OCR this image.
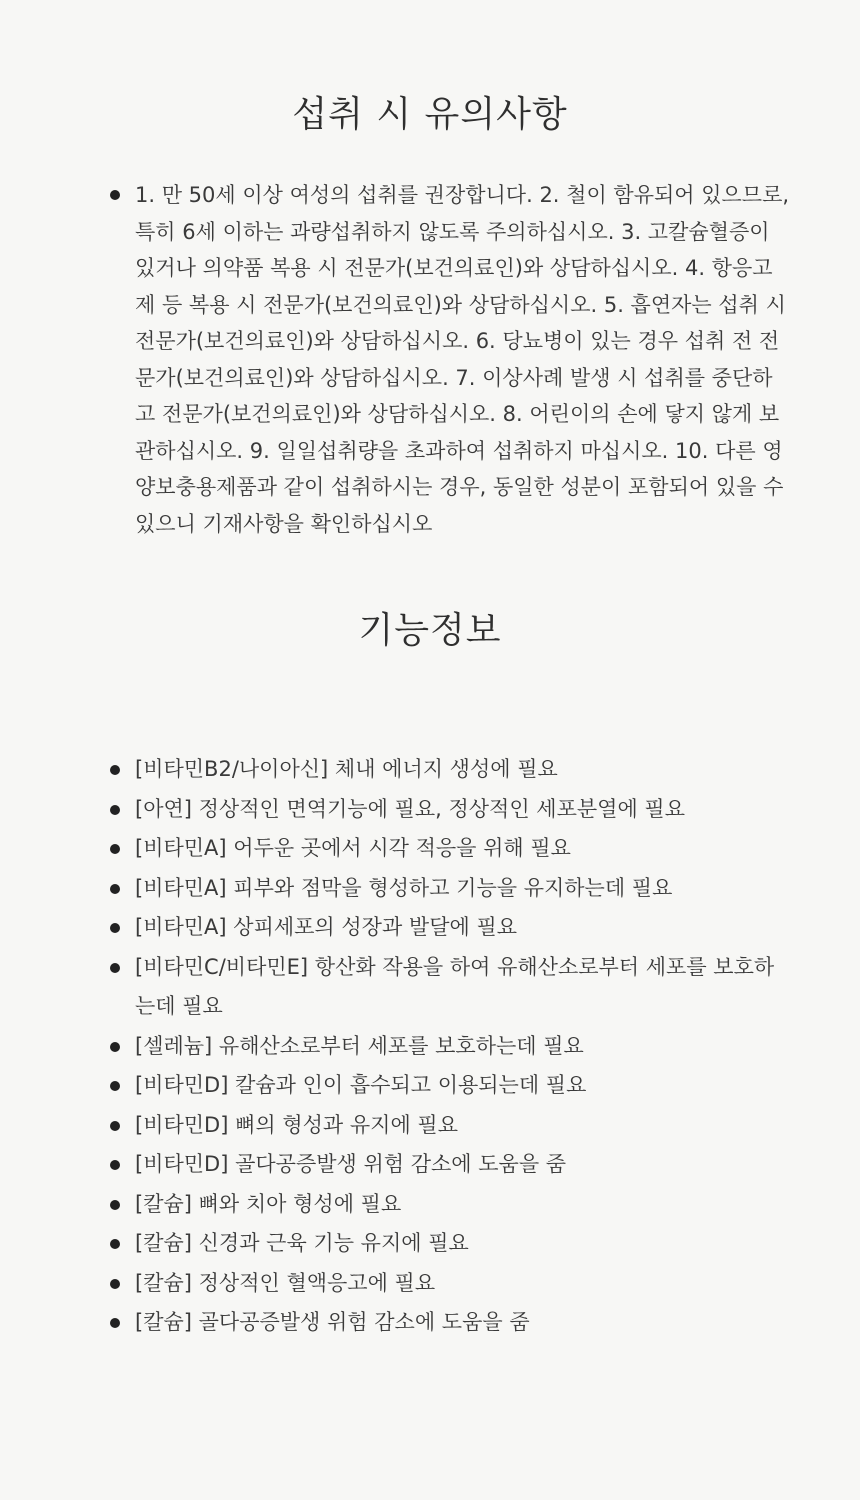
섭취 시 유의사항
1. 만 50세 이상 여성의 섭취를 권장합니다. 2. 철이 함유되어 있으므로, 특히 6세 이하는 과량섭취하지 않도록 주의하십시오. 3. 고칼슘혈증이 있거나 의약품 복용 시 전문가(보건의료인)와 상담하십시오. 4. 항응고제 등 복용 시 전문가(보건의료인)와 상담하십시오. 5. 흡연자는 섭취 시 전문가(보건의료인)와 상담하십시오. 6. 당뇨병이 있는 경우 섭취 전 전문가(보건의료인)와 상담하십시오. 7. 이상사례 발생 시 섭취를 중단하고 전문가(보건의료인)와 상담하십시오. 8. 어린이의 손에 닿지 않게 보관하십시오. 9. 일일섭취량을 초과하여 섭취하지 마십시오. 10. 다른 영양보충용제품과 같이 섭취하시는 경우, 동일한 성분이 포함되어 있을 수 있으니 기재사항을 확인하십시오
기능정보
[비타민B2/나이아신] 체내 에너지 생성에 필요
[아연] 정상적인 면역기능에 필요, 정상적인 세포분열에 필요
[비타민A] 어두운 곳에서 시각 적응을 위해 필요
[비타민A] 피부와 점막을 형성하고 기능을 유지하는데 필요
[비타민A] 상피세포의 성장과 발달에 필요
[비타민C/비타민E] 항산화 작용을 하여 유해산소로부터 세포를 보호하는데 필요
[셀레늄] 유해산소로부터 세포를 보호하는데 필요
[비타민D] 칼슘과 인이 흡수되고 이용되는데 필요
[비타민D] 뼈의 형성과 유지에 필요
[비타민D] 골다공증발생 위험 감소에 도움을 줌
[칼슘] 뼈와 치아 형성에 필요
[칼슘] 신경과 근육 기능 유지에 필요
[칼슘] 정상적인 혈액응고에 필요
[칼슘] 골다공증발생 위험 감소에 도움을 줌
